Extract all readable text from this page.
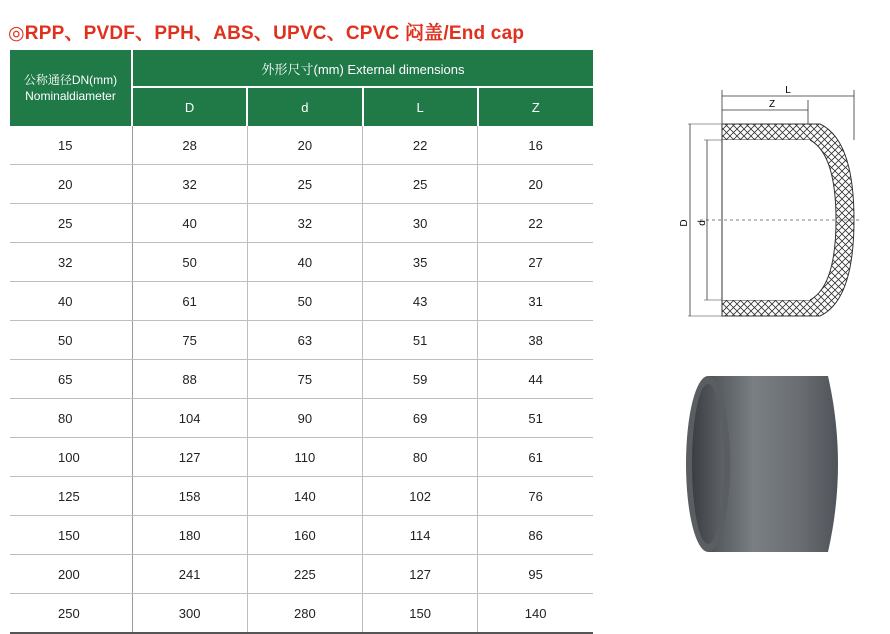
◎RPP、PVDF、PPH、ABS、UPVC、CPVC 闷盖/End cap
公称通径DN(mm)
Nominaldiameter	外形尺寸(mm) External dimensions			
	D	d	L	Z
15	28	20	22	16
20	32	25	25	20
25	40	32	30	22
32	50	40	35	27
40	61	50	43	31
50	75	63	51	38
65	88	75	59	44
80	104	90	69	51
100	127	110	80	61
125	158	140	102	76
150	180	160	114	86
200	241	225	127	95
250	300	280	150	140
L
Z
D d
